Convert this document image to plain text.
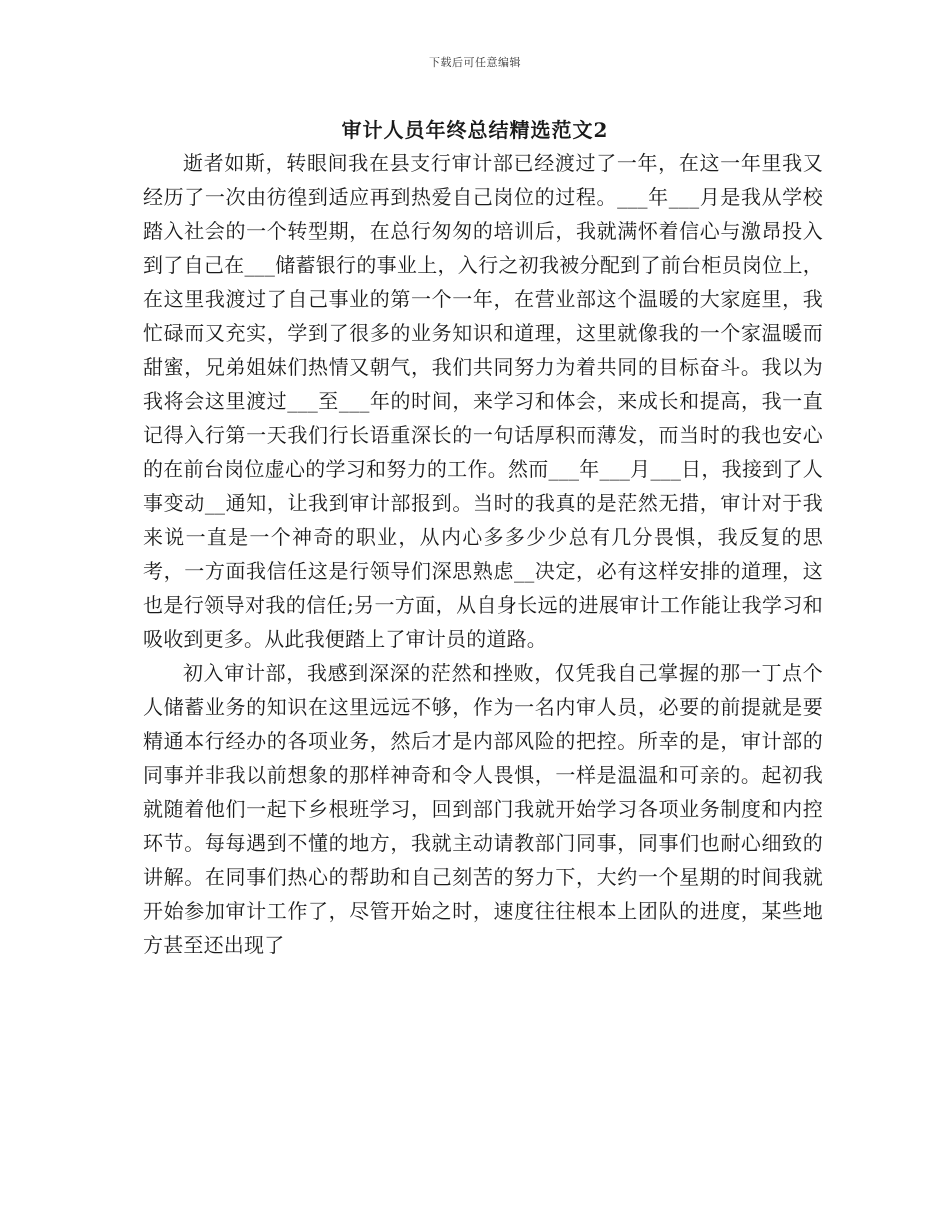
下载后可任意编辑
审计人员年终总结精选范文2

逝者如斯，转眼间我在县支行审计部已经渡过了一年，在这一年里我又经历了一次由彷徨到适应再到热爱自己岗位的过程。___年___月是我从学校踏入社会的一个转型期，在总行匆匆的培训后，我就满怀着信心与激昂投入到了自己在___储蓄银行的事业上，入行之初我被分配到了前台柜员岗位上，在这里我渡过了自己事业的第一个一年，在营业部这个温暖的大家庭里，我忙碌而又充实，学到了很多的业务知识和道理，这里就像我的一个家温暖而甜蜜，兄弟姐妹们热情又朝气，我们共同努力为着共同的目标奋斗。我以为我将会这里渡过___至___年的时间，来学习和体会，来成长和提高，我一直记得入行第一天我们行长语重深长的一句话厚积而薄发，而当时的我也安心的在前台岗位虚心的学习和努力的工作。然而___年___月___日，我接到了人事变动__通知，让我到审计部报到。当时的我真的是茫然无措，审计对于我来说一直是一个神奇的职业，从内心多多少少总有几分畏惧，我反复的思考，一方面我信任这是行领导们深思熟虑__决定，必有这样安排的道理，这也是行领导对我的信任;另一方面，从自身长远的进展审计工作能让我学习和吸收到更多。从此我便踏上了审计员的道路。

初入审计部，我感到深深的茫然和挫败，仅凭我自己掌握的那一丁点个人储蓄业务的知识在这里远远不够，作为一名内审人员，必要的前提就是要精通本行经办的各项业务，然后才是内部风险的把控。所幸的是，审计部的同事并非我以前想象的那样神奇和令人畏惧，一样是温温和可亲的。起初我就随着他们一起下乡根班学习，回到部门我就开始学习各项业务制度和内控环节。每每遇到不懂的地方，我就主动请教部门同事，同事们也耐心细致的讲解。在同事们热心的帮助和自己刻苦的努力下，大约一个星期的时间我就开始参加审计工作了，尽管开始之时，速度往往根本上团队的进度，某些地方甚至还出现了
